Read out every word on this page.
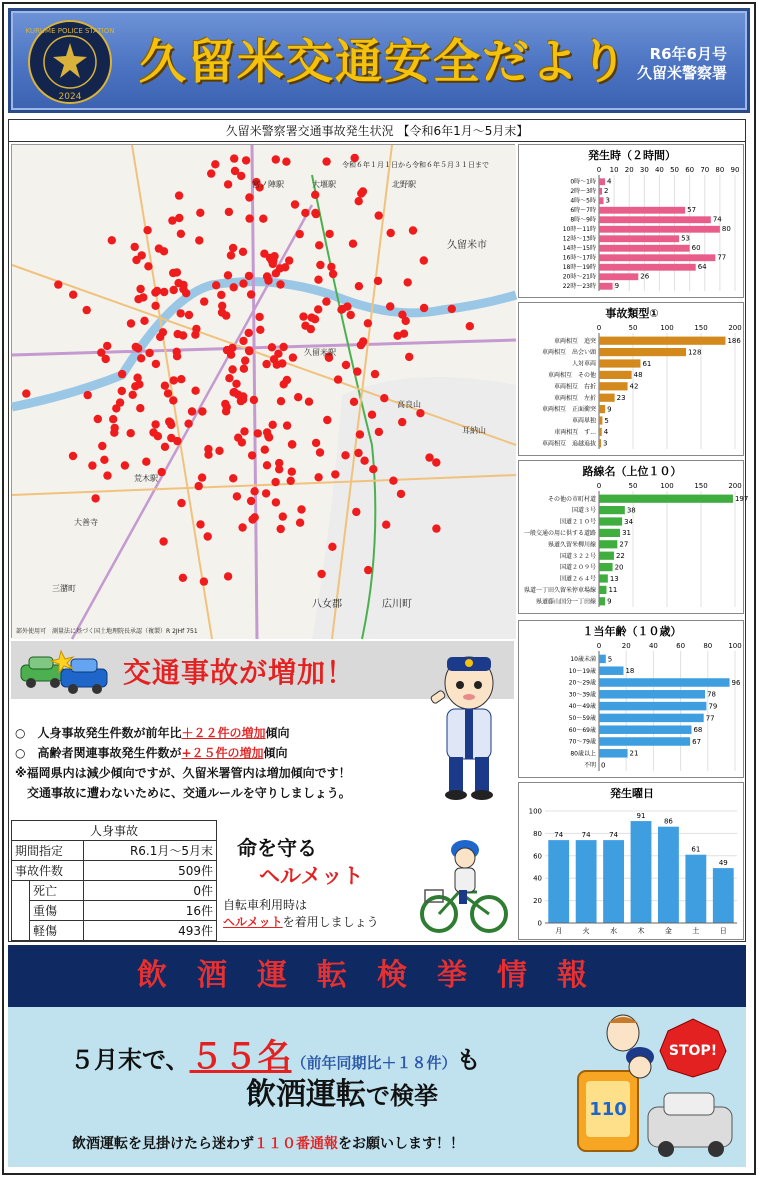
KURUME POLICE STATION
2024
久留米交通安全だより	R6年6月号
久留米警察署
久留米警察署交通事故発生状況 【令和6年1月～5月末】
令和６年１月１日から令和６年５月３１日まで
久留米市
八女郡	広川町
三潴町
大善寺
荒木駅
久留米駅
高良山
耳納山
宮ノ陣駅	北野駅
大堰駅
部外使用可　測量法に基づく国土地理院長承認（複製）R 2JHf 751
発生時（２時間）
0 10 20 30 40 50 60 70 80 90
0時～1時 4
2時～3時 2
4時～5時 3
6時～7時	57
8時～9時	74
10時～11時	80
12時～13時	53
14時～15時	60
16時～17時	77
18時～19時	64
20時～21時	26
22時～23時	9
事故類型①
0	50	100	150	200
車両相互　追突	186
車両相互　出会い頭	128
人対車両	61
車両相互　その他	48
車両相互　右折	42
車両相互　左折	23
車両相互　正面衝突 9
車両単独 5
車両相互　す... 4
車両相互　追越追抜 3
路線名（上位１０）
0	50	100	150	200
その他の市町村道	197
国道３号	38
国道２１０号	34
一般交通の用に供する道路	31
県道久留米柳川線	27
国道３２２号	22
国道２０９号	20
国道２６４号 13
県道一丁田久留米停車場線 11
県道藤山国分一丁田線 9
１当年齢（１０歳）
0	20	40	60	80 100
10歳未満 5
10～19歳	18
20～29歳	96
30～39歳	78
40～49歳	79
50～59歳	77
60～69歳	68
70～79歳	67
80歳以上	21
不明 0
発生曜日
0
20
40
60
80
100
74
月
74
火
74
水
91
木
86
金
61
土
49
日
交通事故が増加！
○　人身事故発生件数が前年比＋２２件の増加傾向
○　高齢者関連事故発生件数が+２５件の増加傾向
※福岡県内は減少傾向ですが、久留米署管内は増加傾向です！
交通事故に遭わないために、交通ルールを守りしましょう。
人身事故		
期間指定		R6.1月～5月末
事故件数		509件
	死亡	0件
	重傷	16件
	軽傷	493件
命を守る
ヘルメット
自転車利用時は
ヘルメットを着用しましょう
飲酒運転検挙情報
５月末で、５５名（前年同期比＋１８件）も
飲酒運転で検挙
飲酒運転を見掛けたら迷わず１１０番通報をお願いします！！
110
STOP!
